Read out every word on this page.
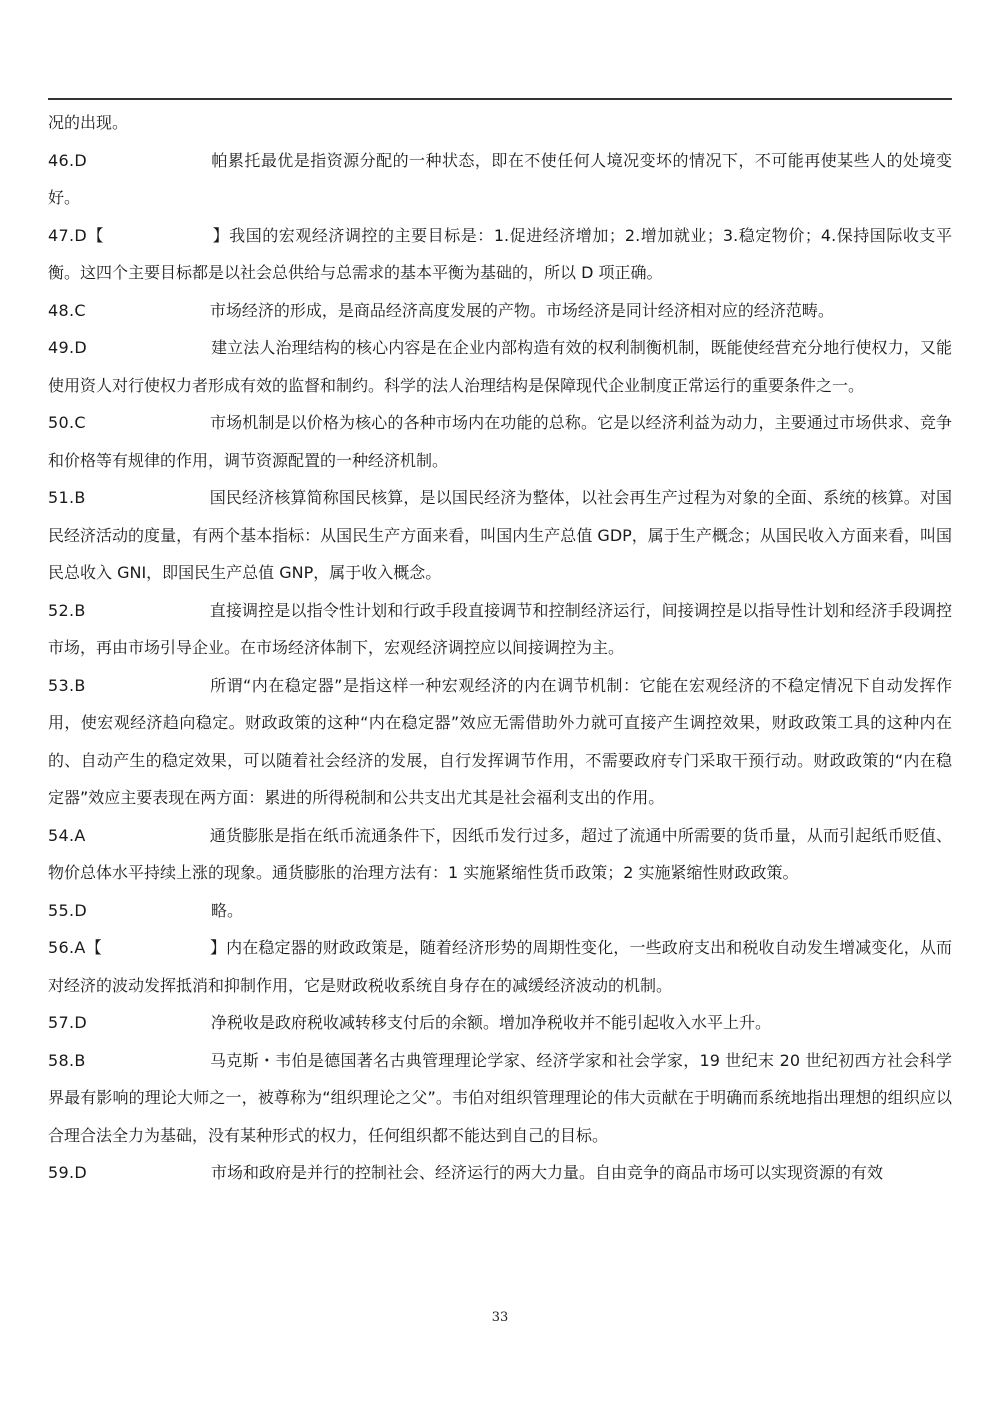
况的出现。

46.D	帕累托最优是指资源分配的一种状态，即在不使任何人境况变坏的情况下，不可能再使某些人的处境变好。

47.D【	】我国的宏观经济调控的主要目标是：1.促进经济增加；2.增加就业；3.稳定物价；4.保持国际收支平衡。这四个主要目标都是以社会总供给与总需求的基本平衡为基础的，所以 D 项正确。

48.C	市场经济的形成，是商品经济高度发展的产物。市场经济是同计经济相对应的经济范畴。

49.D	建立法人治理结构的核心内容是在企业内部构造有效的权利制衡机制，既能使经营充分地行使权力，又能使用资人对行使权力者形成有效的监督和制约。科学的法人治理结构是保障现代企业制度正常运行的重要条件之一。

50.C	市场机制是以价格为核心的各种市场内在功能的总称。它是以经济利益为动力，主要通过市场供求、竞争和价格等有规律的作用，调节资源配置的一种经济机制。

51.B	国民经济核算简称国民核算，是以国民经济为整体，以社会再生产过程为对象的全面、系统的核算。对国民经济活动的度量，有两个基本指标：从国民生产方面来看，叫国内生产总值 GDP，属于生产概念；从国民收入方面来看，叫国民总收入 GNI，即国民生产总值 GNP，属于收入概念。

52.B	直接调控是以指令性计划和行政手段直接调节和控制经济运行，间接调控是以指导性计划和经济手段调控市场，再由市场引导企业。在市场经济体制下，宏观经济调控应以间接调控为主。

53.B	所谓“内在稳定器”是指这样一种宏观经济的内在调节机制：它能在宏观经济的不稳定情况下自动发挥作用，使宏观经济趋向稳定。财政政策的这种“内在稳定器”效应无需借助外力就可直接产生调控效果，财政政策工具的这种内在的、自动产生的稳定效果，可以随着社会经济的发展，自行发挥调节作用，不需要政府专门采取干预行动。财政政策的“内在稳定器”效应主要表现在两方面：累进的所得税制和公共支出尤其是社会福利支出的作用。

54.A	通货膨胀是指在纸币流通条件下，因纸币发行过多，超过了流通中所需要的货币量，从而引起纸币贬值、物价总体水平持续上涨的现象。通货膨胀的治理方法有：1 实施紧缩性货币政策；2 实施紧缩性财政政策。

55.D	略。

56.A【	】内在稳定器的财政政策是，随着经济形势的周期性变化，一些政府支出和税收自动发生增减变化，从而对经济的波动发挥抵消和抑制作用，它是财政税收系统自身存在的减缓经济波动的机制。

57.D	净税收是政府税收减转移支付后的余额。增加净税收并不能引起收入水平上升。

58.B	马克斯・韦伯是德国著名古典管理理论学家、经济学家和社会学家，19 世纪末 20 世纪初西方社会科学界最有影响的理论大师之一，被尊称为“组织理论之父”。韦伯对组织管理理论的伟大贡献在于明确而系统地指出理想的组织应以合理合法全力为基础，没有某种形式的权力，任何组织都不能达到自己的目标。

59.D	市场和政府是并行的控制社会、经济运行的两大力量。自由竞争的商品市场可以实现资源的有效

33
